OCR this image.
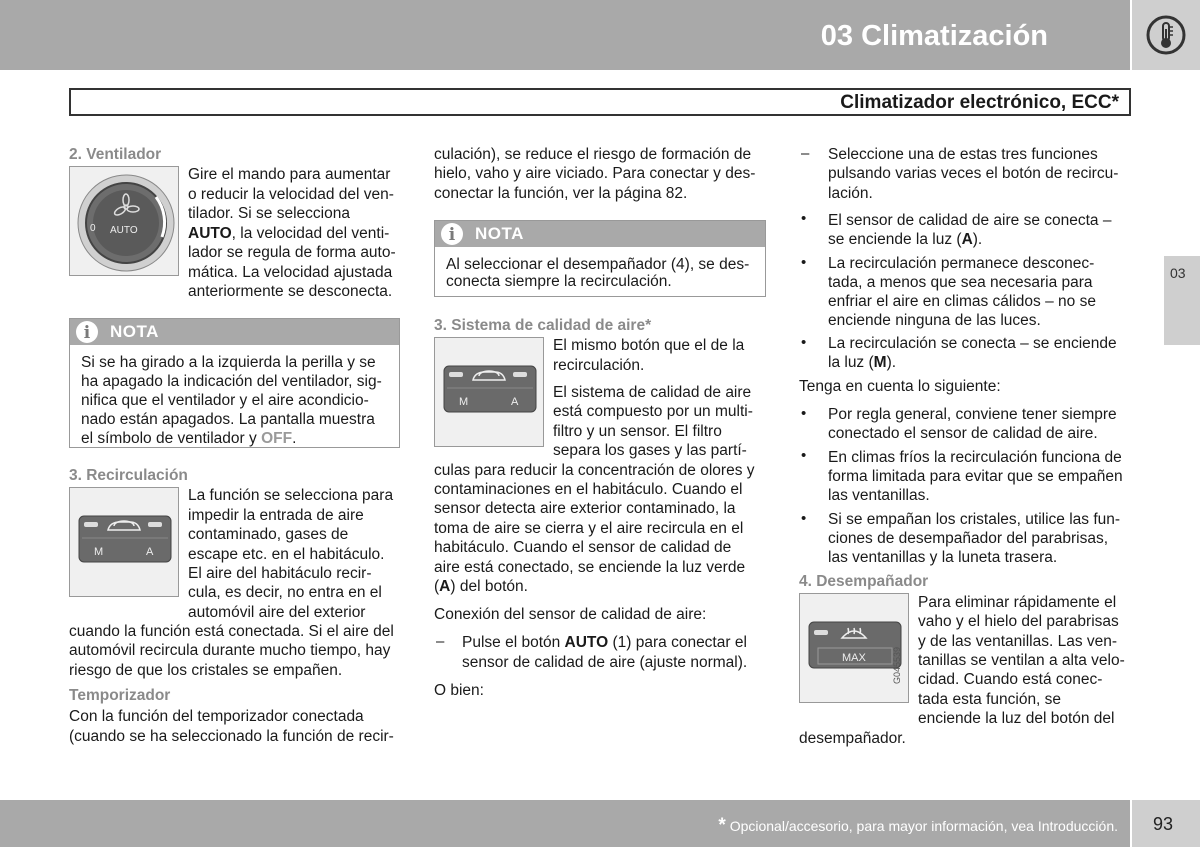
03 Climatización
Climatizador electrónico, ECC*
03
2. Ventilador
0 AUTO
Gire el mando para aumentar
o reducir la velocidad del ven-
tilador. Si se selecciona
AUTO, la velocidad del venti-
lador se regula de forma auto-
mática. La velocidad ajustada
anteriormente se desconecta.
i	NOTA
Si se ha girado a la izquierda la perilla y se
ha apagado la indicación del ventilador, sig-
nifica que el ventilador y el aire acondicio-
nado están apagados. La pantalla muestra
el símbolo de ventilador y OFF.
3. Recirculación
M	A
La función se selecciona para
impedir la entrada de aire
contaminado, gases de
escape etc. en el habitáculo.
El aire del habitáculo recir-
cula, es decir, no entra en el
automóvil aire del exterior
cuando la función está conectada. Si el aire del
automóvil recircula durante mucho tiempo, hay
riesgo de que los cristales se empañen.
Temporizador
Con la función del temporizador conectada
(cuando se ha seleccionado la función de recir-
culación), se reduce el riesgo de formación de
hielo, vaho y aire viciado. Para conectar y des-
conectar la función, ver la página 82.
i	NOTA
Al seleccionar el desempañador (4), se des-
conecta siempre la recirculación.
3. Sistema de calidad de aire*
M	A
El mismo botón que el de la
recirculación.
El sistema de calidad de aire
está compuesto por un multi-
filtro y un sensor. El filtro
separa los gases y las partí-
culas para reducir la concentración de olores y
contaminaciones en el habitáculo. Cuando el
sensor detecta aire exterior contaminado, la
toma de aire se cierra y el aire recircula en el
habitáculo. Cuando el sensor de calidad de
aire está conectado, se enciende la luz verde
(A) del botón.
Conexión del sensor de calidad de aire:
– Pulse el botón AUTO (1) para conectar el
sensor de calidad de aire (ajuste normal).
O bien:
– Seleccione una de estas tres funciones
pulsando varias veces el botón de recircu-
lación.
• El sensor de calidad de aire se conecta –
se enciende la luz (A).
• La recirculación permanece desconec-
tada, a menos que sea necesaria para
enfriar el aire en climas cálidos – no se
enciende ninguna de las luces.
• La recirculación se conecta – se enciende
la luz (M).
Tenga en cuenta lo siguiente:
• Por regla general, conviene tener siempre
conectado el sensor de calidad de aire.
• En climas fríos la recirculación funciona de
forma limitada para evitar que se empañen
las ventanillas.
• Si se empañan los cristales, utilice las fun-
ciones de desempañador del parabrisas,
las ventanillas y la luneta trasera.
4. Desempañador
MAX	G045539
Para eliminar rápidamente el
vaho y el hielo del parabrisas
y de las ventanillas. Las ven-
tanillas se ventilan a alta velo-
cidad. Cuando está conec-
tada esta función, se
enciende la luz del botón del
desempañador.
* Opcional/accesorio, para mayor información, vea Introducción. 93
